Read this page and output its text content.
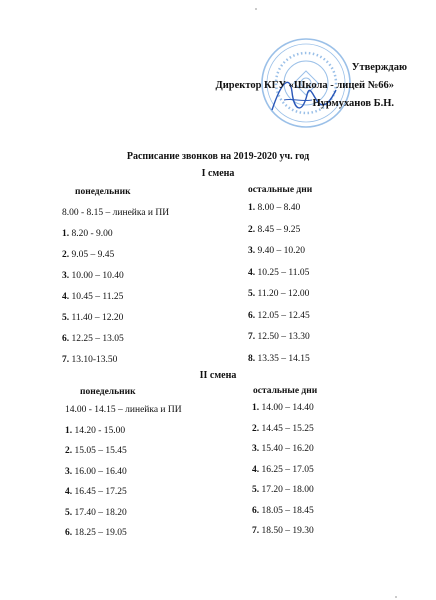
Утверждаю
Директор КГУ «Школа - лицей №66»
Нурмуханов Б.Н.
Расписание звонков на 2019-2020 уч. год
I смена
понедельник	остальные дни
8.00 - 8.15 – линейка и ПИ
1. 8.20 - 9.00
2. 9.05 – 9.45
3. 10.00 – 10.40
4. 10.45 – 11.25
5. 11.40 – 12.20
6. 12.25 – 13.05
7. 13.10-13.50
1. 8.00 – 8.40
2. 8.45 – 9.25
3. 9.40 – 10.20
4. 10.25 – 11.05
5. 11.20 – 12.00
6. 12.05 – 12.45
7. 12.50 – 13.30
8. 13.35 – 14.15
II смена
понедельник	остальные дни
14.00 - 14.15 – линейка и ПИ
1. 14.20 - 15.00
2. 15.05 – 15.45
3. 16.00 – 16.40
4. 16.45 – 17.25
5. 17.40 – 18.20
6. 18.25 – 19.05
1. 14.00 – 14.40
2. 14.45 – 15.25
3. 15.40 – 16.20
4. 16.25 – 17.05
5. 17.20 – 18.00
6. 18.05 – 18.45
7. 18.50 – 19.30
